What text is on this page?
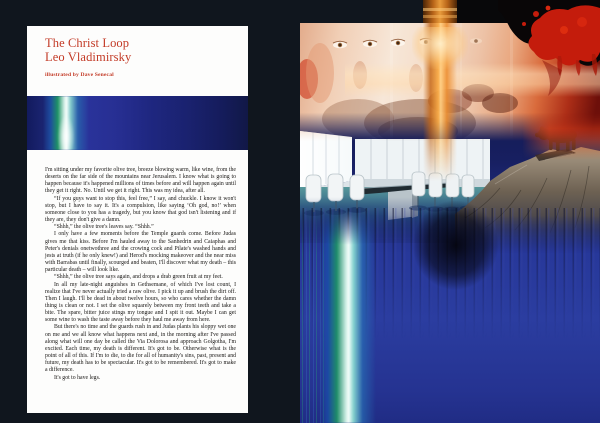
The Christ Loop
Leo Vladimirsky

illustrated by Dave Senecal

I'm sitting under my favorite olive tree, breeze blowing warm, like wine, from the deserts on the far side of the mountains near Jerusalem. I know what is going to happen because it's happened millions of times before and will happen again until they get it right. No. Until we get it right. This was my idea, after all.

“If you guys want to stop this, feel free,” I say, and chuckle. I know it won't stop, but I have to say it. It's a compulsion, like saying ‘Oh god, no!’ when someone close to you has a tragedy, but you know that god isn't listening and if they are, they don't give a damn.

“Shhh,” the olive tree's leaves say. “Shhh.”

I only have a few moments before the Temple guards come. Before Judas gives me that kiss. Before I'm hauled away to the Sanhedrin and Caiaphas and Peter's denials onetwothree and the crowing cock and Pilate's washed hands and jests at truth (if he only knew!) and Herod's mocking makeover and the near miss with Barrabas until finally, scourged and beaten, I'll discover what my death – this particular death – will look like.

“Shhh,” the olive tree says again, and drops a drab green fruit at my feet.

In all my late-night anguishes in Gethsemane, of which I've lost count, I realize that I've never actually tried a raw olive. I pick it up and brush the dirt off. Then I laugh. I'll be dead in about twelve hours, so who cares whether the damn thing is clean or not. I set the olive squarely between my front teeth and take a bite. The spare, bitter juice stings my tongue and I spit it out. Maybe I can get some wine to wash the taste away before they haul me away from here.

But there's no time and the guards rush in and Judas plants his sloppy wet one on me and we all know what happens next and, in the morning after I've passed along what will one day be called the Via Dolorosa and approach Golgotha, I'm excited. Each time, my death is different. It's got to be. Otherwise what is the point of all of this. If I'm to die, to die for all of humanity's sins, past, present and future, my death has to be spectacular. It's got to be remembered. It's got to make a difference.

It's got to have legs.
